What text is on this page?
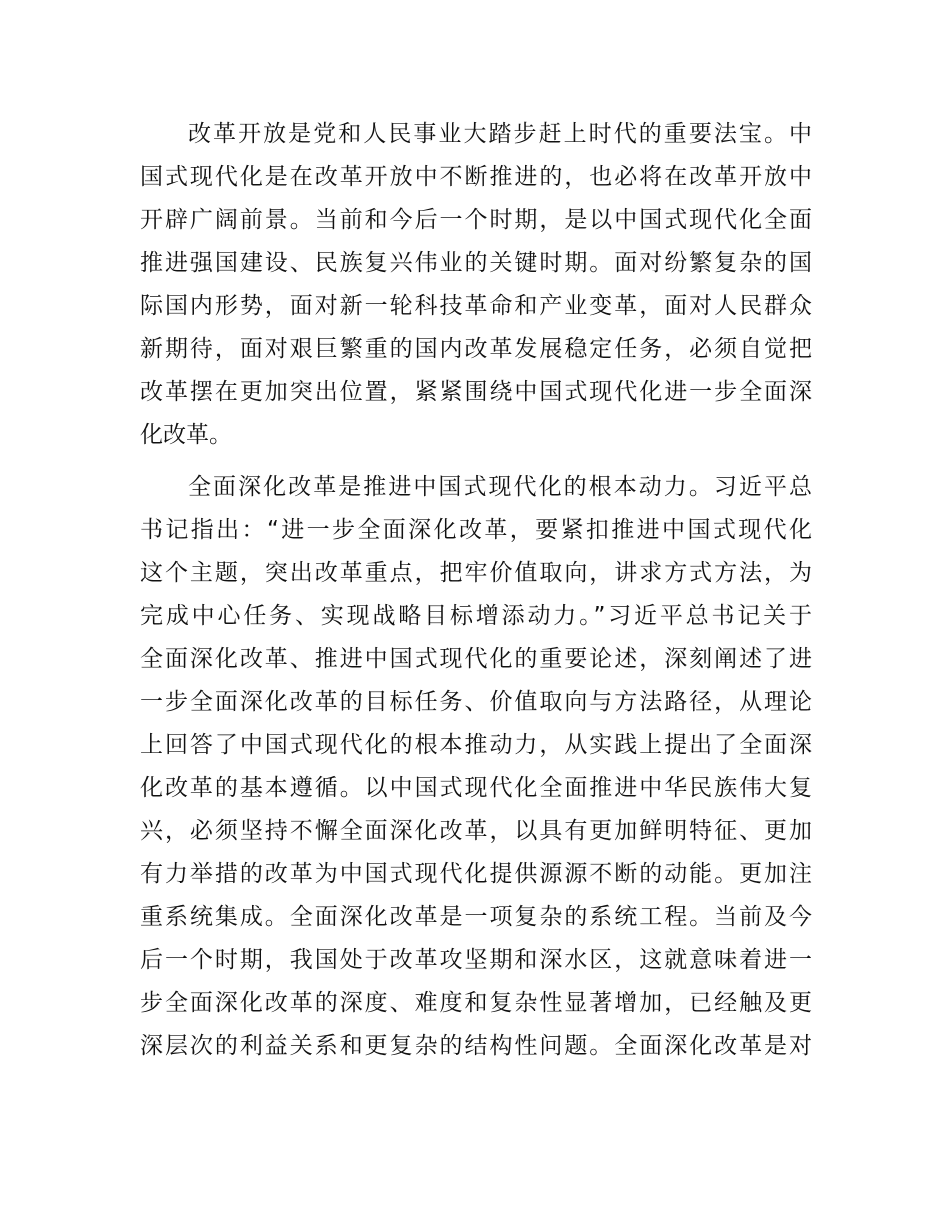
改革开放是党和人民事业大踏步赶上时代的重要法宝。中
国式现代化是在改革开放中不断推进的，也必将在改革开放中
开辟广阔前景。当前和今后一个时期，是以中国式现代化全面
推进强国建设、民族复兴伟业的关键时期。面对纷繁复杂的国
际国内形势，面对新一轮科技革命和产业变革，面对人民群众
新期待，面对艰巨繁重的国内改革发展稳定任务，必须自觉把
改革摆在更加突出位置，紧紧围绕中国式现代化进一步全面深
化改革。
全面深化改革是推进中国式现代化的根本动力。习近平总
书记指出：“进一步全面深化改革，要紧扣推进中国式现代化
这个主题，突出改革重点，把牢价值取向，讲求方式方法，为
完成中心任务、实现战略目标增添动力。”习近平总书记关于
全面深化改革、推进中国式现代化的重要论述，深刻阐述了进
一步全面深化改革的目标任务、价值取向与方法路径，从理论
上回答了中国式现代化的根本推动力，从实践上提出了全面深
化改革的基本遵循。以中国式现代化全面推进中华民族伟大复
兴，必须坚持不懈全面深化改革，以具有更加鲜明特征、更加
有力举措的改革为中国式现代化提供源源不断的动能。更加注
重系统集成。全面深化改革是一项复杂的系统工程。当前及今
后一个时期，我国处于改革攻坚期和深水区，这就意味着进一
步全面深化改革的深度、难度和复杂性显著增加，已经触及更
深层次的利益关系和更复杂的结构性问题。全面深化改革是对
